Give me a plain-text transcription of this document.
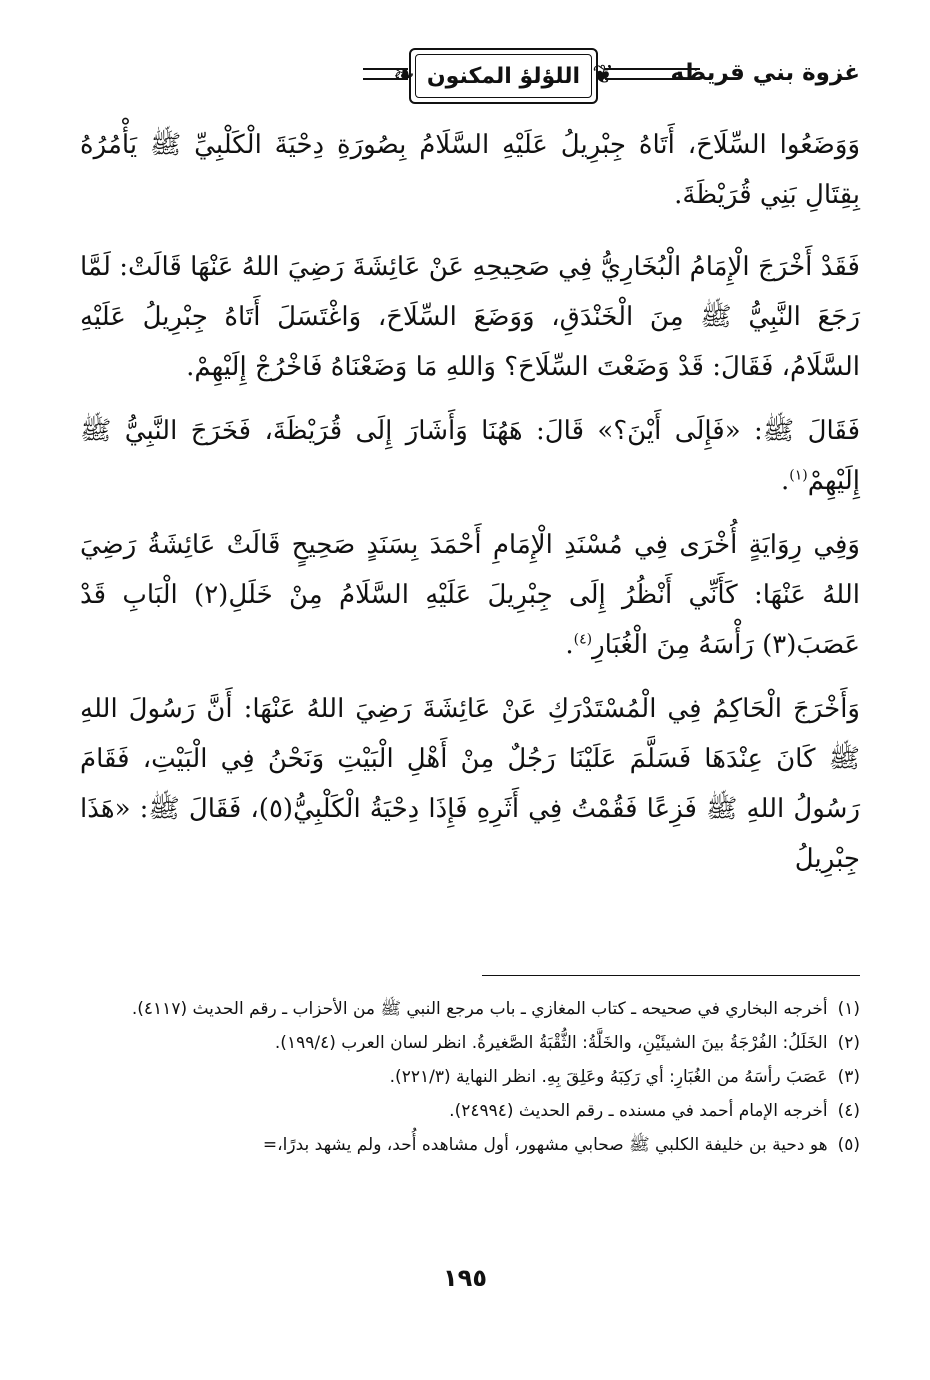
غزوة بني قريظة
❦
اللؤلؤ المكنون
❧

وَوَضَعُوا السِّلَاحَ، أَتَاهُ جِبْرِيلُ عَلَيْهِ السَّلَامُ بِصُورَةِ دِحْيَةَ الْكَلْبِيِّ ﷺ يَأْمُرُهُ بِقِتَالِ بَنِي قُرَيْظَةَ.

فَقَدْ أَخْرَجَ الْإِمَامُ الْبُخَارِيُّ فِي صَحِيحِهِ عَنْ عَائِشَةَ رَضِيَ اللهُ عَنْهَا قَالَتْ: لَمَّا رَجَعَ النَّبِيُّ ﷺ مِنَ الْخَنْدَقِ، وَوَضَعَ السِّلَاحَ، وَاغْتَسَلَ أَتَاهُ جِبْرِيلُ عَلَيْهِ السَّلَامُ، فَقَالَ: قَدْ وَضَعْتَ السِّلَاحَ؟ وَاللهِ مَا وَضَعْنَاهُ فَاخْرُجْ إِلَيْهِمْ.

فَقَالَ ﷺ: «فَإِلَى أَيْنَ؟» قَالَ: هَهُنَا وَأَشَارَ إِلَى قُرَيْظَةَ، فَخَرَجَ النَّبِيُّ ﷺ إِلَيْهِمْ$^{(١)}$.

وَفِي رِوَايَةٍ أُخْرَى فِي مُسْنَدِ الْإِمَامِ أَحْمَدَ بِسَنَدٍ صَحِيحٍ قَالَتْ عَائِشَةُ رَضِيَ اللهُ عَنْهَا: كَأَنِّي أَنْظُرُ إِلَى جِبْرِيلَ عَلَيْهِ السَّلَامُ مِنْ خَلَلِ(٢) الْبَابِ قَدْ عَصَبَ(٣) رَأْسَهُ مِنَ الْغُبَارِ$^{(٤)}$.

وَأَخْرَجَ الْحَاكِمُ فِي الْمُسْتَدْرَكِ عَنْ عَائِشَةَ رَضِيَ اللهُ عَنْهَا: أَنَّ رَسُولَ اللهِ ﷺ كَانَ عِنْدَهَا فَسَلَّمَ عَلَيْنَا رَجُلٌ مِنْ أَهْلِ الْبَيْتِ وَنَحْنُ فِي الْبَيْتِ، فَقَامَ رَسُولُ اللهِ ﷺ فَزِعًا فَقُمْتُ فِي أَثَرِهِ فَإِذَا دِحْيَةُ الْكَلْبِيُّ(٥)، فَقَالَ ﷺ: «هَذَا جِبْرِيلُ

(١)
أخرجه البخاري في صحيحه ـ كتاب المغازي ـ باب مرجع النبي ﷺ من الأحزاب ـ رقم الحديث (٤١١٧).
(٢)
الخَلَلُ: الفُرْجَةُ بينَ الشيئَيْنِ، والخَلَّةُ: الثُّقْبَةُ الصَّغيرةُ. انظر لسان العرب (١٩٩/٤).
(٣)
عَصَبَ رأسَهُ من الغُبَارِ: أي رَكِبَهُ وعَلِقَ بِهِ. انظر النهاية (٢٢١/٣).
(٤)
أخرجه الإمام أحمد في مسنده ـ رقم الحديث (٢٤٩٩٤).
(٥)
هو دحية بن خليفة الكلبي ﷺ صحابي مشهور، أول مشاهده أُحد، ولم يشهد بدرًا،=
١٩٥
